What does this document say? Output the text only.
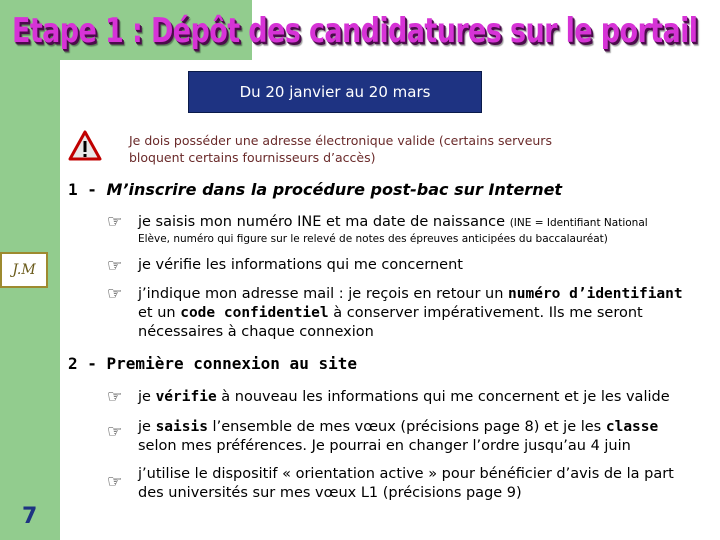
Etape 1 : Dépôt des candidatures sur le portail
Du 20 janvier au 20 mars
Je dois posséder une adresse électronique valide (certains serveurs bloquent certains fournisseurs d’accès)
1 - M’inscrire dans la procédure post-bac sur Internet
☞ je saisis mon numéro INE et ma date de naissance (INE = Identifiant National
Elève, numéro qui figure sur le relevé de notes des épreuves anticipées du baccalauréat)
☞ je vérifie les informations qui me concernent
☞ j’indique mon adresse mail : je reçois en retour un numéro d’identifiant et un code confidentiel à conserver impérativement. Ils me seront nécessaires à chaque connexion
J.M
2 - Première connexion au site
☞ je vérifie à nouveau les informations qui me concernent et je les valide
☞ je saisis l’ensemble de mes vœux (précisions page 8) et je les classe selon mes préférences. Je pourrai en changer l’ordre jusqu’au 4 juin
☞ j’utilise le dispositif « orientation active » pour bénéficier d’avis de la part des universités sur mes vœux L1 (précisions page 9)
7
